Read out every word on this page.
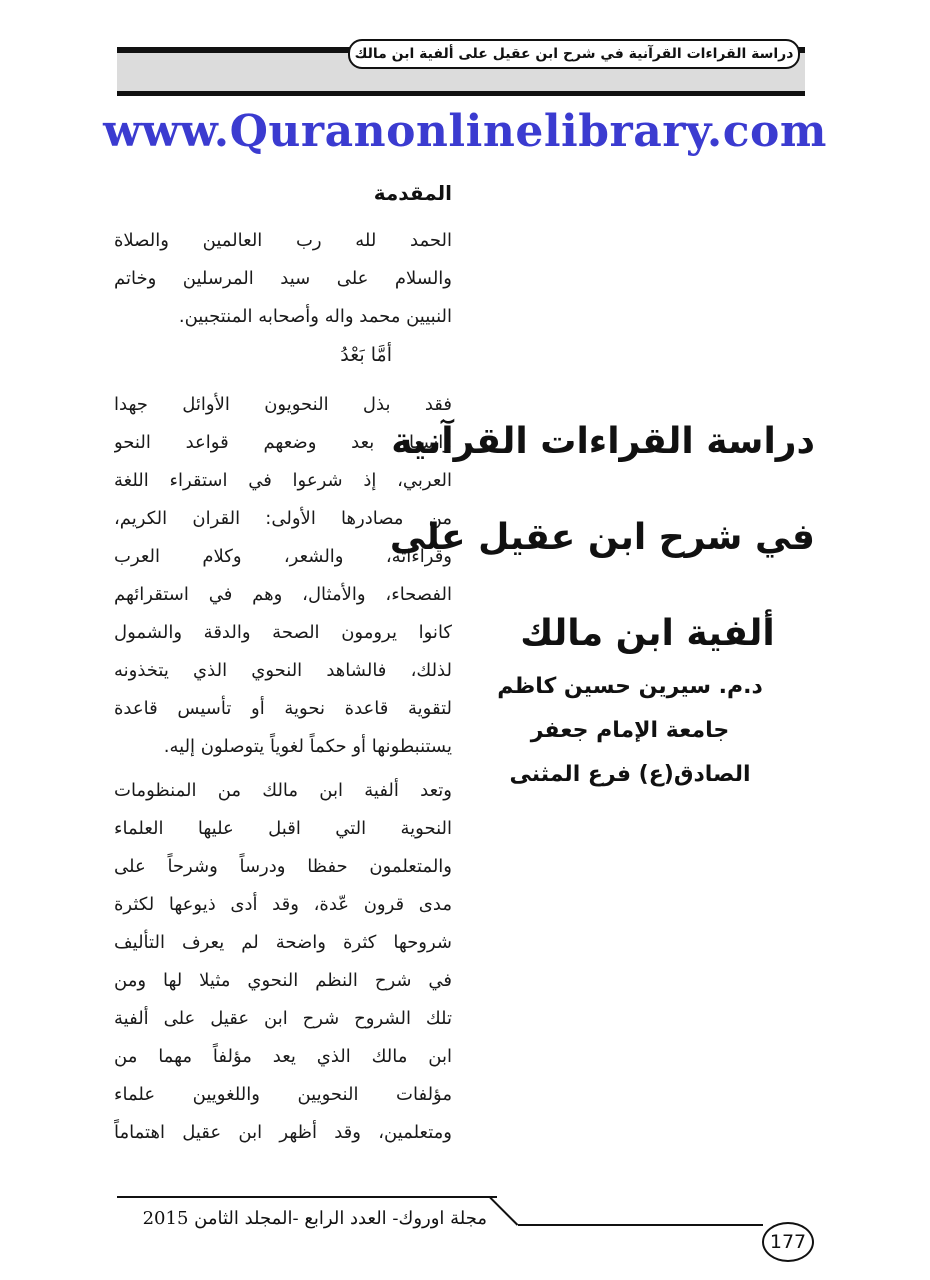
دراسة القراءات القرآنية في شرح ابن عقيل على ألفية ابن مالك
www.Quranonlinelibrary.com
المقدمة
الحمد لله رب العالمين والصلاة
والسلام على سيد المرسلين وخاتم
النبيين محمد واله وأصحابه المنتجبين.
أمَّا بَعْدُ
فقد بذل النحويون الأوائل جهدا
واسعا بعد وضعهم قواعد النحو
العربي، إذ شرعوا في استقراء اللغة
من مصادرها الأولى: القران الكريم،
وقراءاته، والشعر، وكلام العرب
الفصحاء، والأمثال، وهم في استقرائهم
كانوا يرومون الصحة والدقة والشمول
لذلك، فالشاهد النحوي الذي يتخذونه
لتقوية قاعدة نحوية أو تأسيس قاعدة
يستنبطونها أو حكماً لغوياً يتوصلون إليه.
وتعد ألفية ابن مالك من المنظومات
النحوية التي اقبل عليها العلماء
والمتعلمون حفظا ودرساً وشرحاً على
مدى قرون عّدة، وقد أدى ذيوعها لكثرة
شروحها كثرة واضحة لم يعرف التأليف
في شرح النظم النحوي مثيلا لها ومن
تلك الشروح شرح ابن عقيل على ألفية
ابن مالك الذي يعد مؤلفاً مهما من
مؤلفات النحويين واللغويين علماء
ومتعلمين، وقد أظهر ابن عقيل اهتماماً
دراسة القراءات القرآنية
في شرح ابن عقيل على
ألفية ابن مالك
د.م. سيرين حسين كاظم
جامعة الإمام جعفر
الصادق(ع) فرع المثنى
مجلة اوروك- العدد الرابع -المجلد الثامن 2015
177
